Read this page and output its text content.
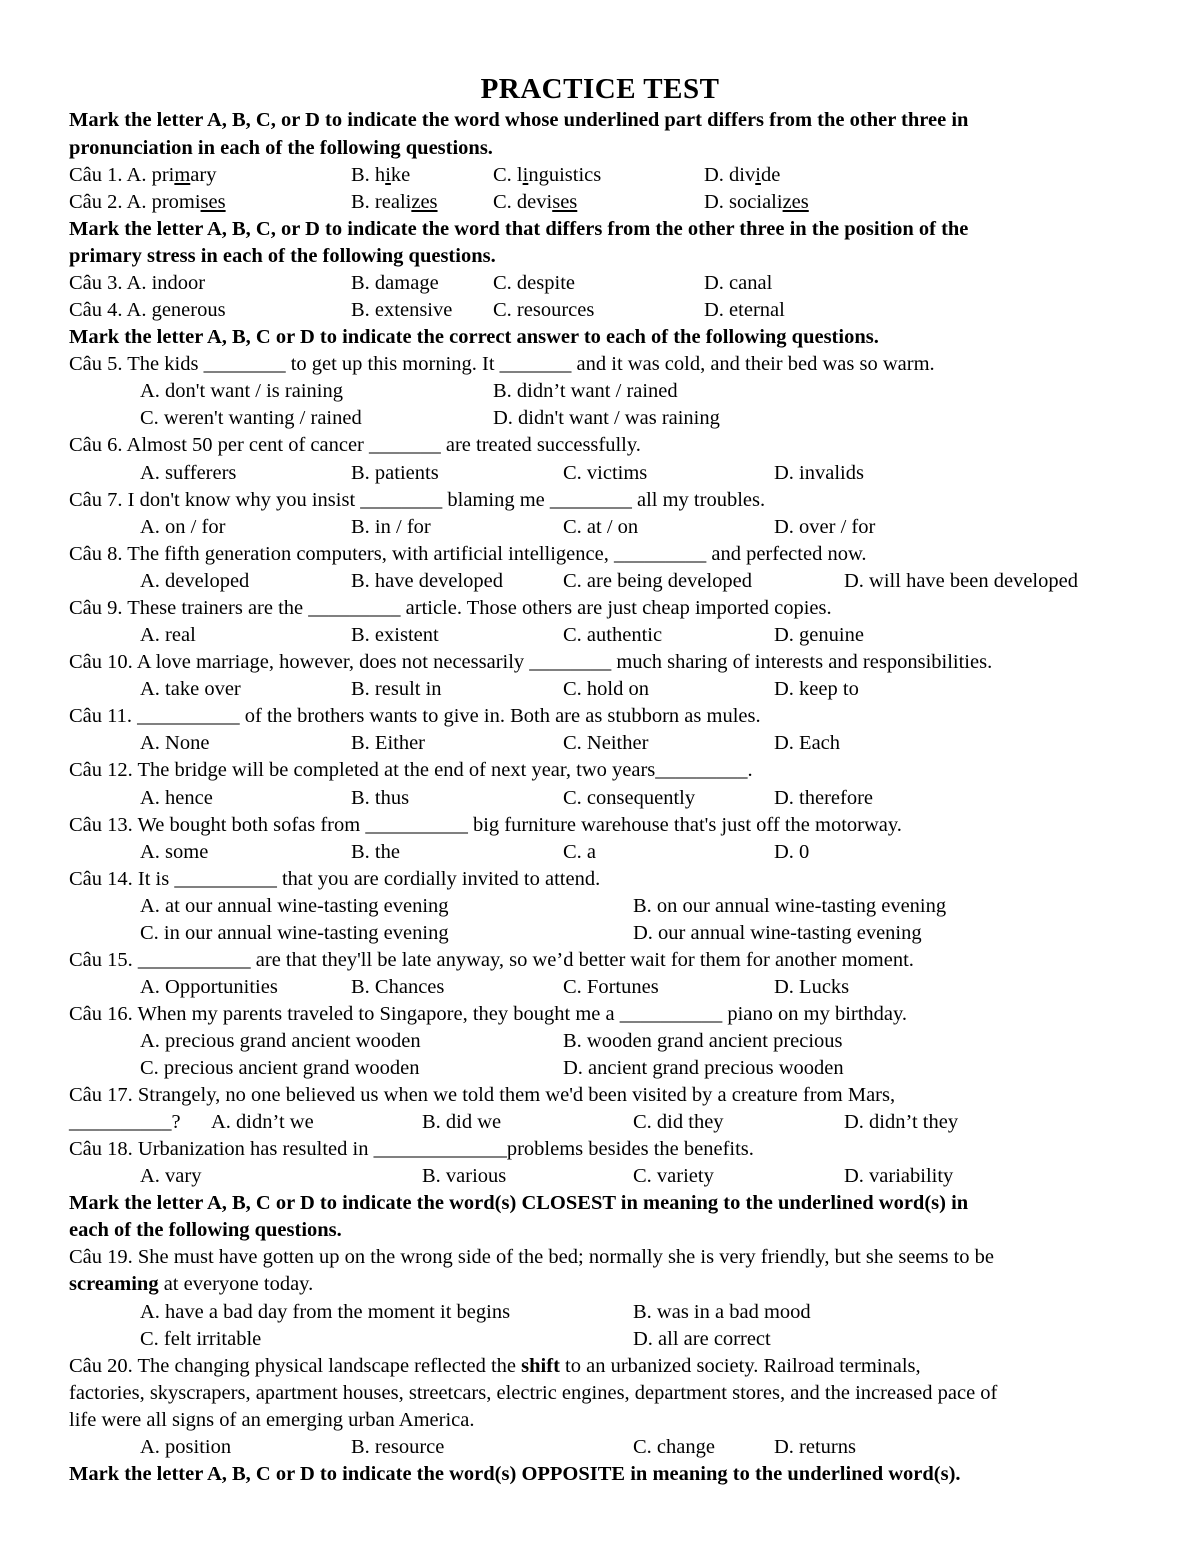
PRACTICE TEST
Mark the letter A, B, C, or D to indicate the word whose underlined part differs from the other three in
pronunciation in each of the following questions.
Câu 1. A. primary	B. hike	C. linguistics	D. divide
Câu 2. A. promises	B. realizes	C. devises	D. socializes
Mark the letter A, B, C, or D to indicate the word that differs from the other three in the position of the
primary stress in each of the following questions.
Câu 3. A. indoor	B. damage	C. despite	D. canal
Câu 4. A. generous	B. extensive C. resources	D. eternal
Mark the letter A, B, C or D to indicate the correct answer to each of the following questions.
Câu 5. The kids ________ to get up this morning. It _______ and it was cold, and their bed was so warm.
A. don't want / is raining	B. didn’t want / rained
C. weren't wanting / rained	D. didn't want / was raining
Câu 6. Almost 50 per cent of cancer _______ are treated successfully.
A. sufferers	B. patients	C. victims	D. invalids
Câu 7. I don't know why you insist ________ blaming me ________ all my troubles.
A. on / for	B. in / for	C. at / on	D. over / for
Câu 8. The fifth generation computers, with artificial intelligence, _________ and perfected now.
A. developed	B. have developed	C. are being developed	D. will have been developed
Câu 9. These trainers are the _________ article. Those others are just cheap imported copies.
A. real	B. existent	C. authentic	D. genuine
Câu 10. A love marriage, however, does not necessarily ________ much sharing of interests and responsibilities.
A. take over	B. result in	C. hold on	D. keep to
Câu 11. __________ of the brothers wants to give in. Both are as stubborn as mules.
A. None	B. Either	C. Neither	D. Each
Câu 12. The bridge will be completed at the end of next year, two years_________.
A. hence	B. thus	C. consequently	D. therefore
Câu 13. We bought both sofas from __________ big furniture warehouse that's just off the motorway.
A. some	B. the	C. a	D. 0
Câu 14. It is __________ that you are cordially invited to attend.
A. at our annual wine-tasting evening	B. on our annual wine-tasting evening
C. in our annual wine-tasting evening	D. our annual wine-tasting evening
Câu 15. ___________ are that they'll be late anyway, so we’d better wait for them for another moment.
A. Opportunities	B. Chances	C. Fortunes	D. Lucks
Câu 16. When my parents traveled to Singapore, they bought me a __________ piano on my birthday.
A. precious grand ancient wooden	B. wooden grand ancient precious
C. precious ancient grand wooden	D. ancient grand precious wooden
Câu 17. Strangely, no one believed us when we told them we'd been visited by a creature from Mars,
__________? A. didn’t we	B. did we	C. did they	D. didn’t they
Câu 18. Urbanization has resulted in _____________problems besides the benefits.
A. vary	B. various	C. variety	D. variability
Mark the letter A, B, C or D to indicate the word(s) CLOSEST in meaning to the underlined word(s) in
each of the following questions.
Câu 19. She must have gotten up on the wrong side of the bed; normally she is very friendly, but she seems to be
screaming at everyone today.
A. have a bad day from the moment it begins	B. was in a bad mood
C. felt irritable	D. all are correct
Câu 20. The changing physical landscape reflected the shift to an urbanized society. Railroad terminals,
factories, skyscrapers, apartment houses, streetcars, electric engines, department stores, and the increased pace of
life were all signs of an emerging urban America.
A. position	B. resource	C. change	D. returns
Mark the letter A, B, C or D to indicate the word(s) OPPOSITE in meaning to the underlined word(s).
